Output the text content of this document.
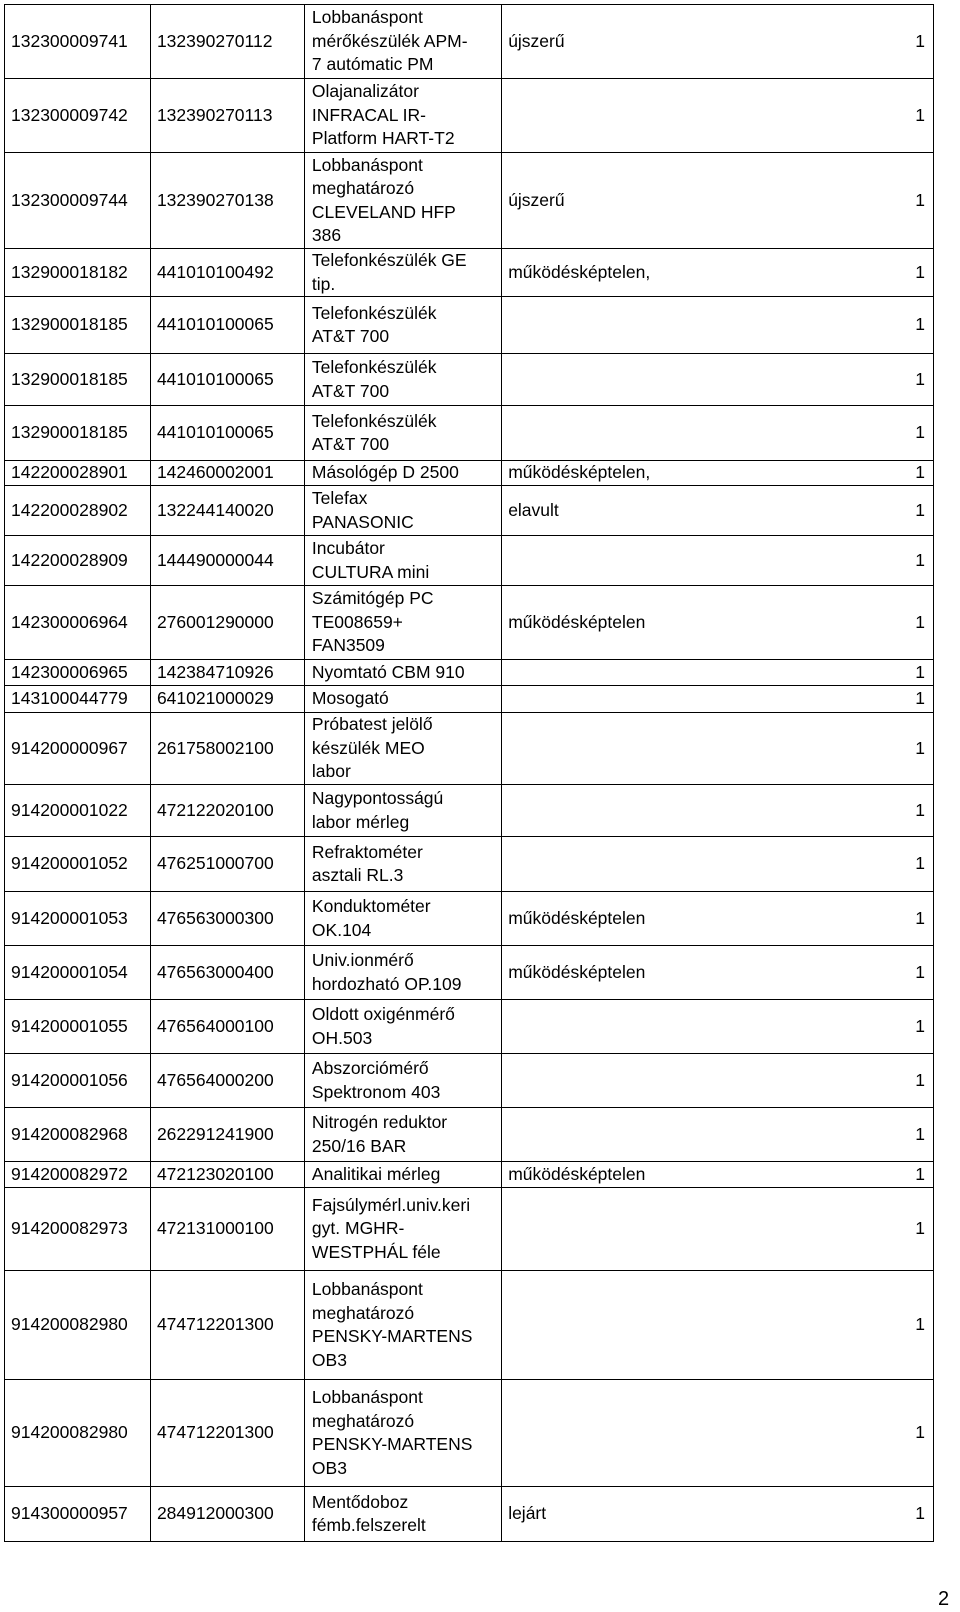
132300009741	132390270112	Lobbanáspont
mérőkészülék APM-
7 autómatic PM	újszerű	1
132300009742	132390270113	Olajanalizátor
INFRACAL IR-
Platform HART-T2		1
132300009744	132390270138	Lobbanáspont
meghatározó
CLEVELAND HFP
386	újszerű	1
132900018182	441010100492	Telefonkészülék GE
tip.	működésképtelen,	1
132900018185	441010100065	Telefonkészülék
AT&T 700		1
132900018185	441010100065	Telefonkészülék
AT&T 700		1
132900018185	441010100065	Telefonkészülék
AT&T 700		1
142200028901	142460002001	Másológép D 2500	működésképtelen,	1
142200028902	132244140020	Telefax
PANASONIC	elavult	1
142200028909	144490000044	Incubátor
CULTURA mini		1
142300006964	276001290000	Számitógép PC
TE008659+
FAN3509	működésképtelen	1
142300006965	142384710926	Nyomtató CBM 910		1
143100044779	641021000029	Mosogató		1
914200000967	261758002100	Próbatest jelölő
készülék MEO
labor		1
914200001022	472122020100	Nagypontosságú
labor mérleg		1
914200001052	476251000700	Refraktométer
asztali RL.3		1
914200001053	476563000300	Konduktométer
OK.104	működésképtelen	1
914200001054	476563000400	Univ.ionmérő
hordozható OP.109	működésképtelen	1
914200001055	476564000100	Oldott oxigénmérő
OH.503		1
914200001056	476564000200	Abszorciómérő
Spektronom 403		1
914200082968	262291241900	Nitrogén reduktor
250/16 BAR		1
914200082972	472123020100	Analitikai mérleg	működésképtelen	1
914200082973	472131000100	Fajsúlymérl.univ.keri
gyt. MGHR-
WESTPHÁL féle		1
914200082980	474712201300	Lobbanáspont
meghatározó
PENSKY-MARTENS
OB3		1
914200082980	474712201300	Lobbanáspont
meghatározó
PENSKY-MARTENS
OB3		1
914300000957	284912000300	Mentődoboz
fémb.felszerelt	lejárt	1
2
